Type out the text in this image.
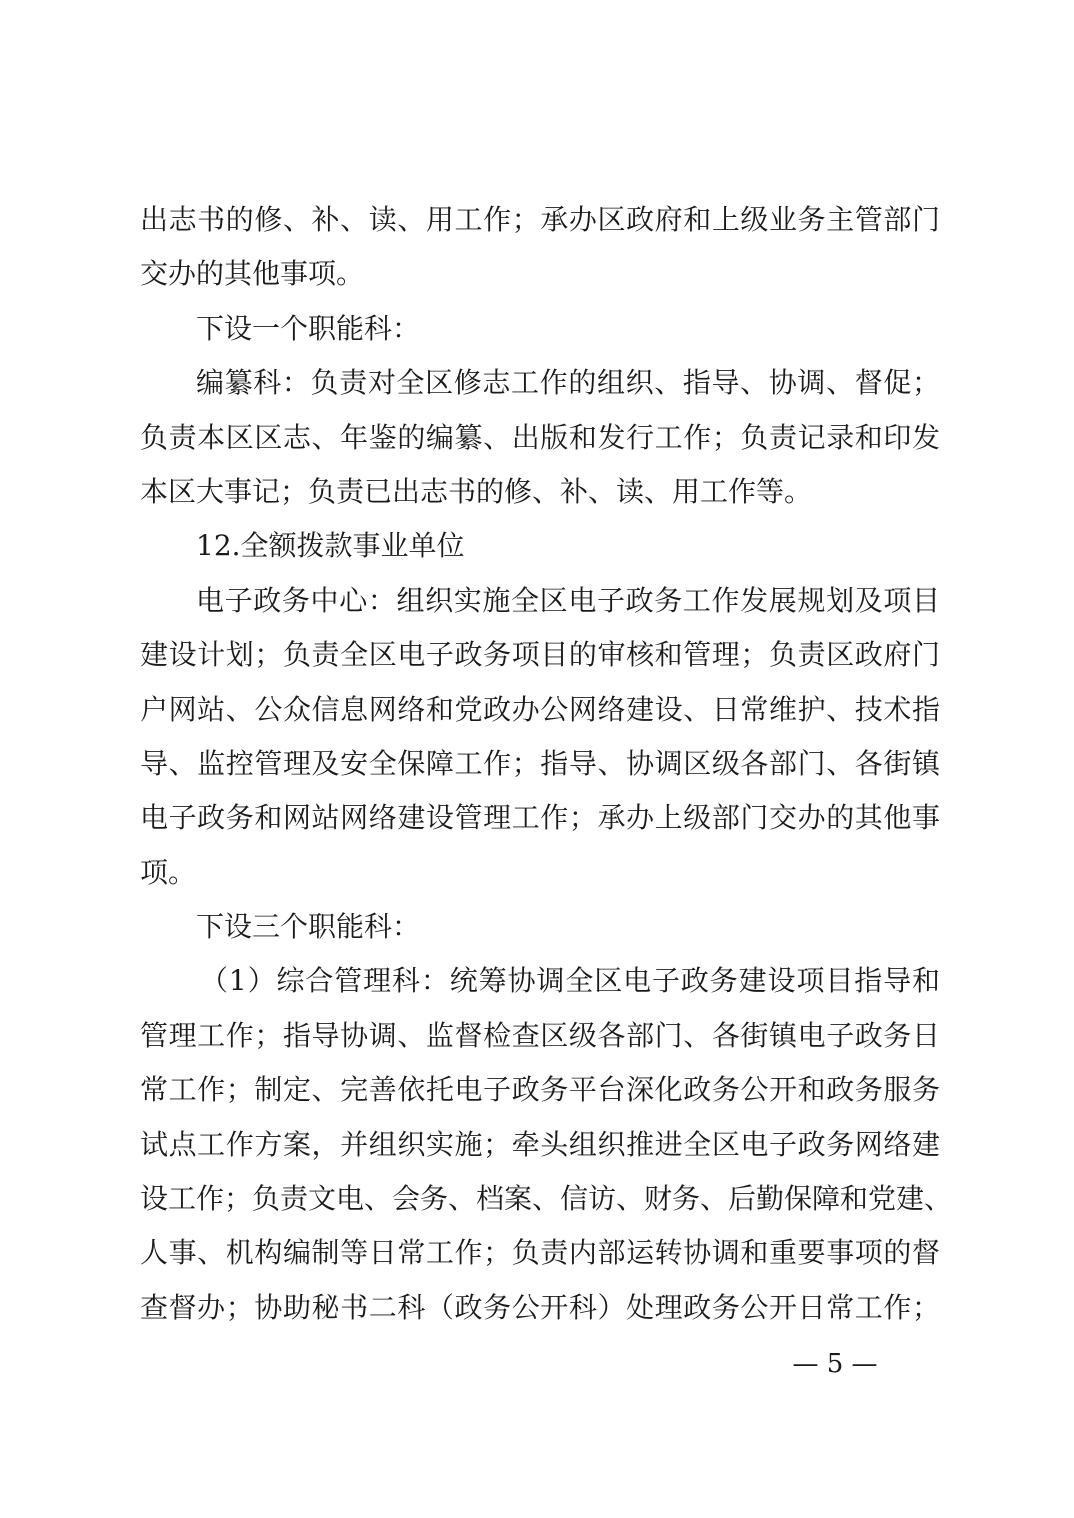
出志书的修、补、读、用工作；承办区政府和上级业务主管部门
交办的其他事项。
下设一个职能科：
编纂科：负责对全区修志工作的组织、指导、协调、督促；
负责本区区志、年鉴的编纂、出版和发行工作；负责记录和印发
本区大事记；负责已出志书的修、补、读、用工作等。
12.全额拨款事业单位
电子政务中心：组织实施全区电子政务工作发展规划及项目
建设计划；负责全区电子政务项目的审核和管理；负责区政府门
户网站、公众信息网络和党政办公网络建设、日常维护、技术指
导、监控管理及安全保障工作；指导、协调区级各部门、各街镇
电子政务和网站网络建设管理工作；承办上级部门交办的其他事
项。
下设三个职能科：
（1）综合管理科：统筹协调全区电子政务建设项目指导和
管理工作；指导协调、监督检查区级各部门、各街镇电子政务日
常工作；制定、完善依托电子政务平台深化政务公开和政务服务
试点工作方案，并组织实施；牵头组织推进全区电子政务网络建
设工作；负责文电、会务、档案、信访、财务、后勤保障和党建、
人事、机构编制等日常工作；负责内部运转协调和重要事项的督
查督办；协助秘书二科（政务公开科）处理政务公开日常工作；
— 5 —
